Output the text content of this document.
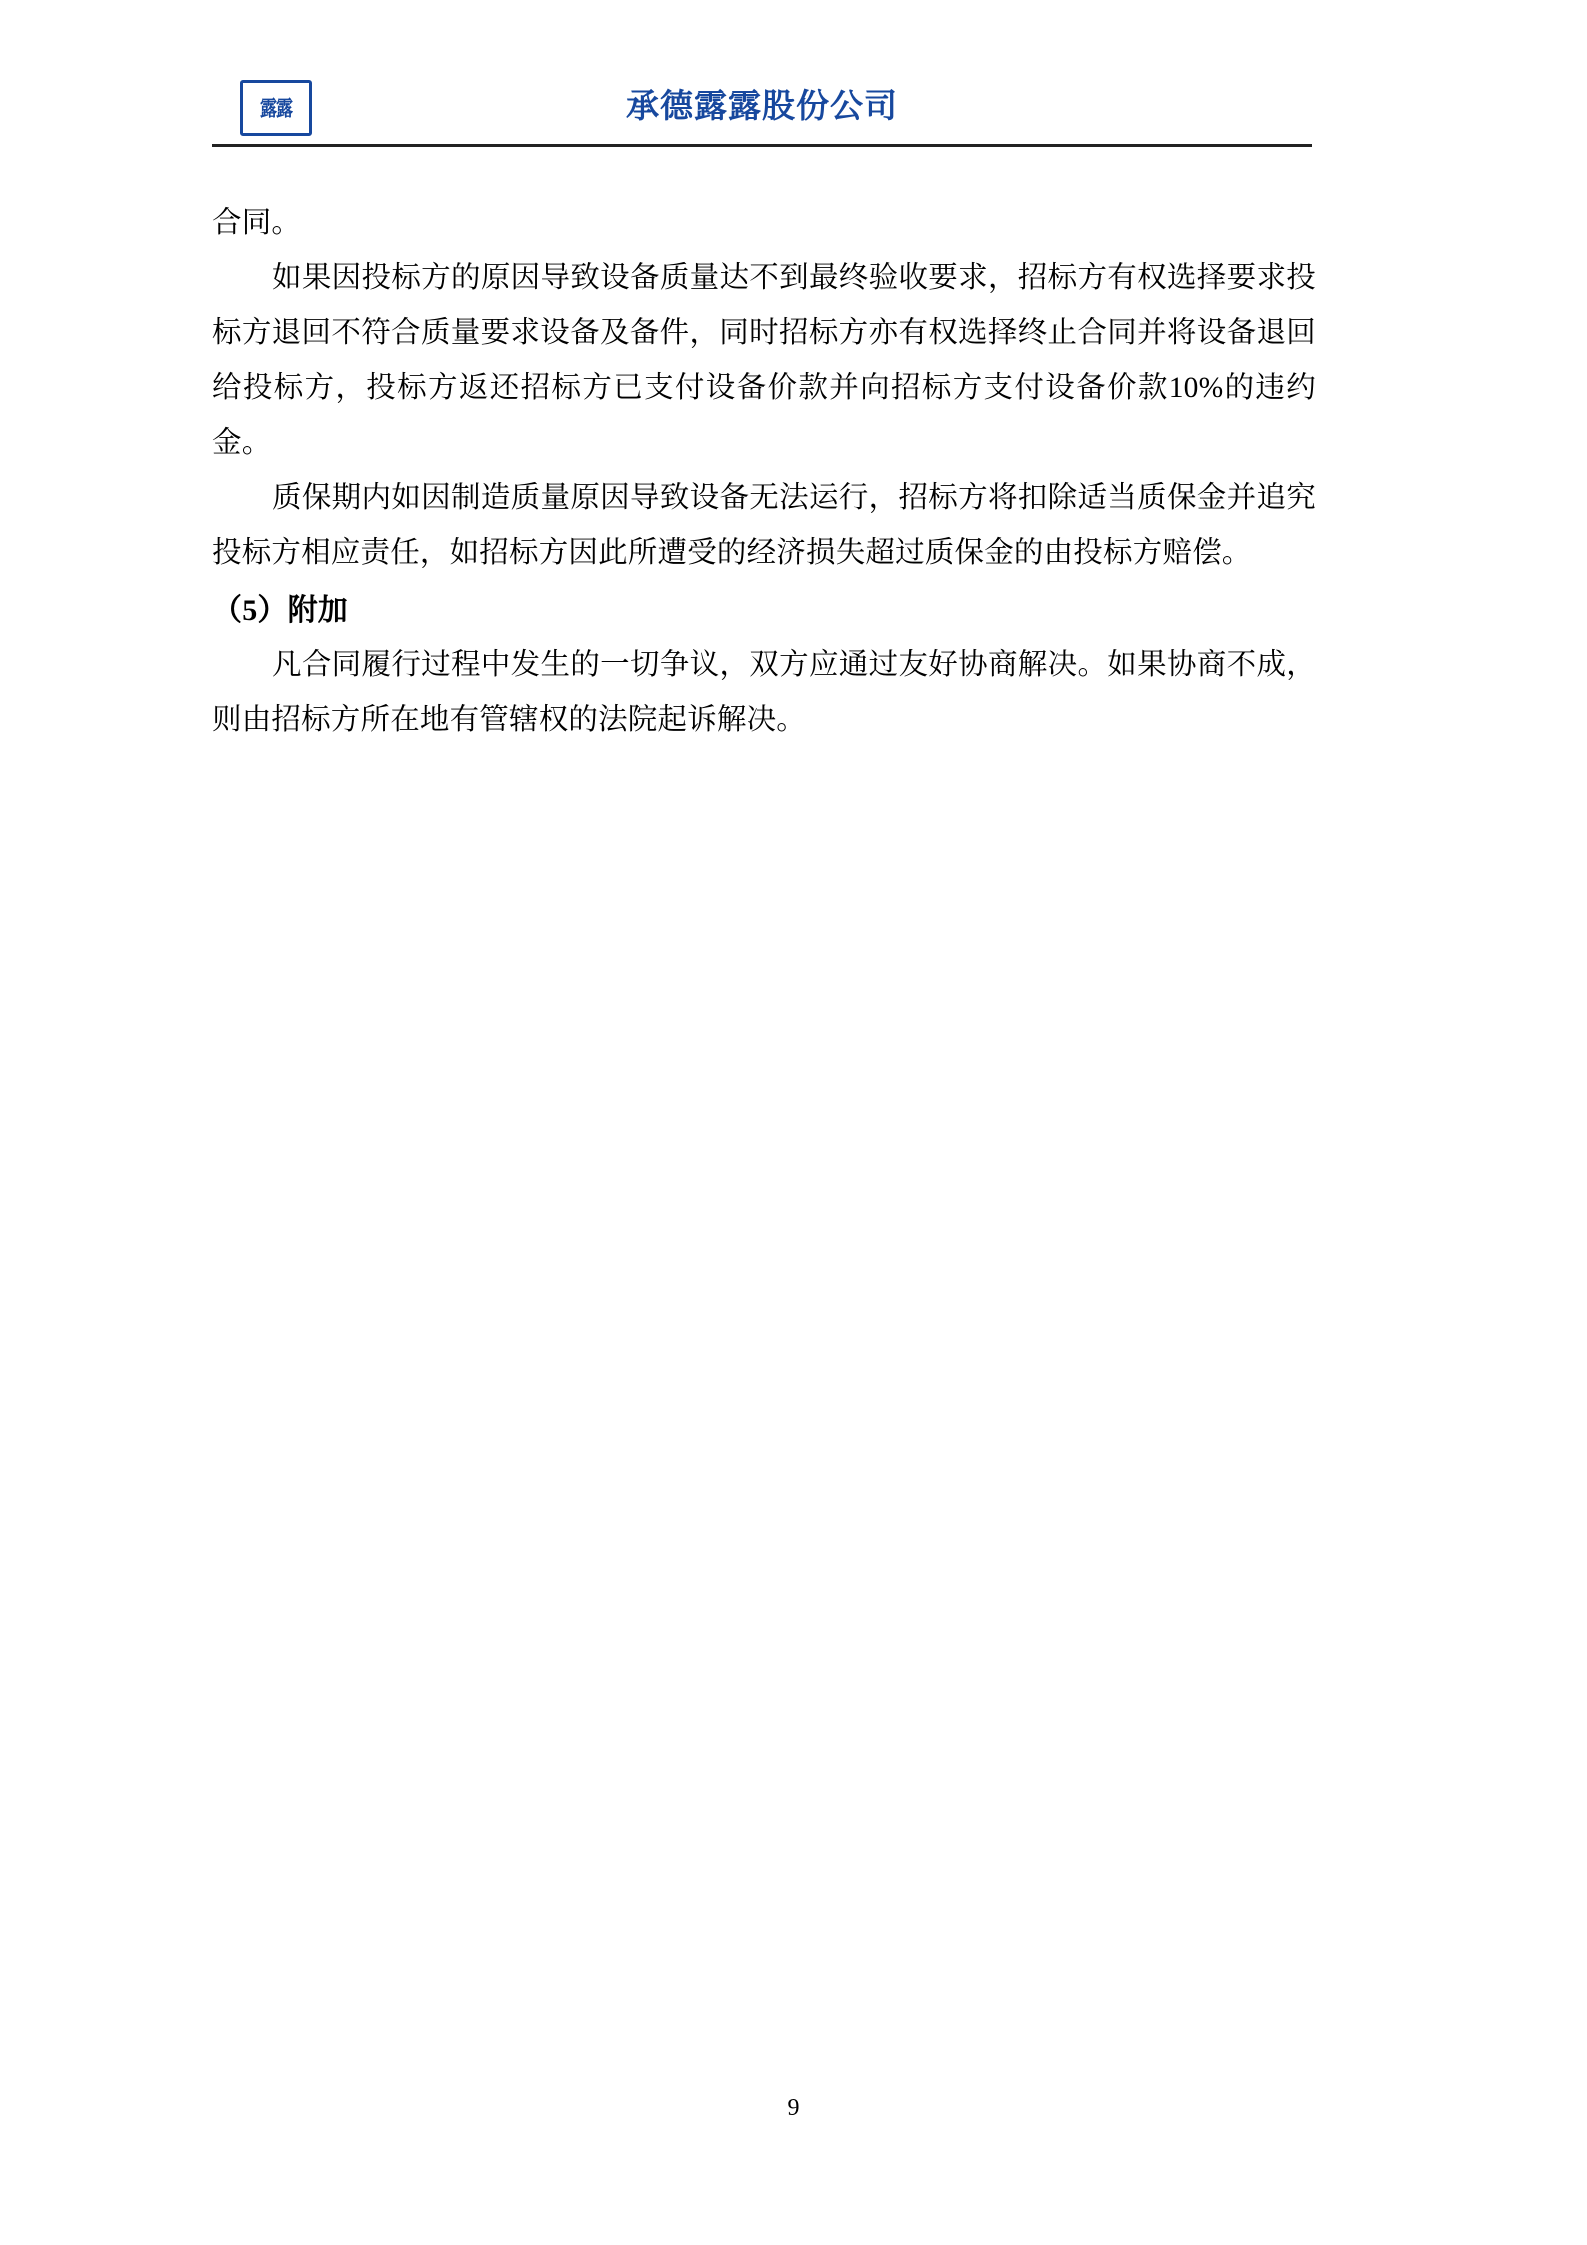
露露	承德露露股份公司

合同。

如果因投标方的原因导致设备质量达不到最终验收要求，招标方有权选择要求投标方退回不符合质量要求设备及备件，同时招标方亦有权选择终止合同并将设备退回给投标方，投标方返还招标方已支付设备价款并向招标方支付设备价款10%的违约金。

质保期内如因制造质量原因导致设备无法运行，招标方将扣除适当质保金并追究投标方相应责任，如招标方因此所遭受的经济损失超过质保金的由投标方赔偿。

（5）附加

凡合同履行过程中发生的一切争议，双方应通过友好协商解决。如果协商不成，则由招标方所在地有管辖权的法院起诉解决。

9
